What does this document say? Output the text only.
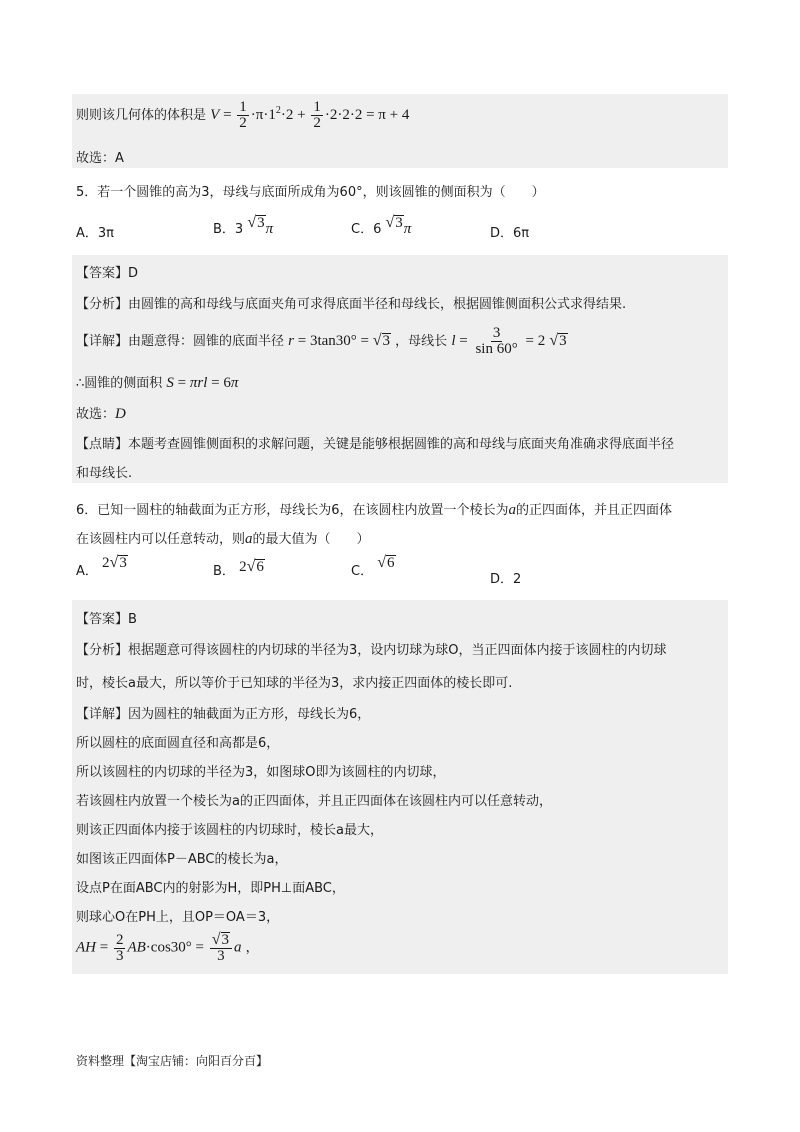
则则该几何体的体积是 $V = \frac{1}{2} \cdot\pi\cdot 1^2\cdot 2 + \frac{1}{2} \cdot 2\cdot 2\cdot 2 = \pi + 4$
故选：A
5．若一个圆锥的高为3，母线与底面所成角为60°，则该圆锥的侧面积为（　　）
A．3π	B．3 √ 3 π	C．6 √ 3 π	D．6π
【答案】D
【分析】由圆锥的高和母线与底面夹角可求得底面半径和母线长，根据圆锥侧面积公式求得结果.
【详解】由题意得：圆锥的底面半径 r = 3tan30° = √ 3 ，母线长 $l = \frac{3}{\sin 60^\circ} = 2$ √ 3
∴圆锥的侧面积 S = πrl = 6π
故选：D
【点睛】本题考查圆锥侧面积的求解问题，关键是能够根据圆锥的高和母线与底面夹角准确求得底面半径
和母线长.
6．已知一圆柱的轴截面为正方形，母线长为6，在该圆柱内放置一个棱长为a的正四面体，并且正四面体
在该圆柱内可以任意转动，则a的最大值为（　　）
A． 2 √ 3
B． 2 √ 6	C．
√ 6
D．2
【答案】B
【分析】根据题意可得该圆柱的内切球的半径为3，设内切球为球O，当正四面体内接于该圆柱的内切球
时，棱长a最大，所以等价于已知球的半径为3，求内接正四面体的棱长即可.
【详解】因为圆柱的轴截面为正方形，母线长为6，
所以圆柱的底面圆直径和高都是6，
所以该圆柱的内切球的半径为3，如图球O即为该圆柱的内切球，
若该圆柱内放置一个棱长为a的正四面体，并且正四面体在该圆柱内可以任意转动，
则该正四面体内接于该圆柱的内切球时，棱长a最大，
如图该正四面体P－ABC的棱长为a，
设点P在面ABC内的射影为H，即PH⊥面ABC，
则球心O在PH上，且OP＝OA＝3，
AH = $\frac{2}{3} AB\cdot\cos 30^\circ = \frac{√ 3}{3}$ a ，
资料整理【淘宝店铺：向阳百分百】
